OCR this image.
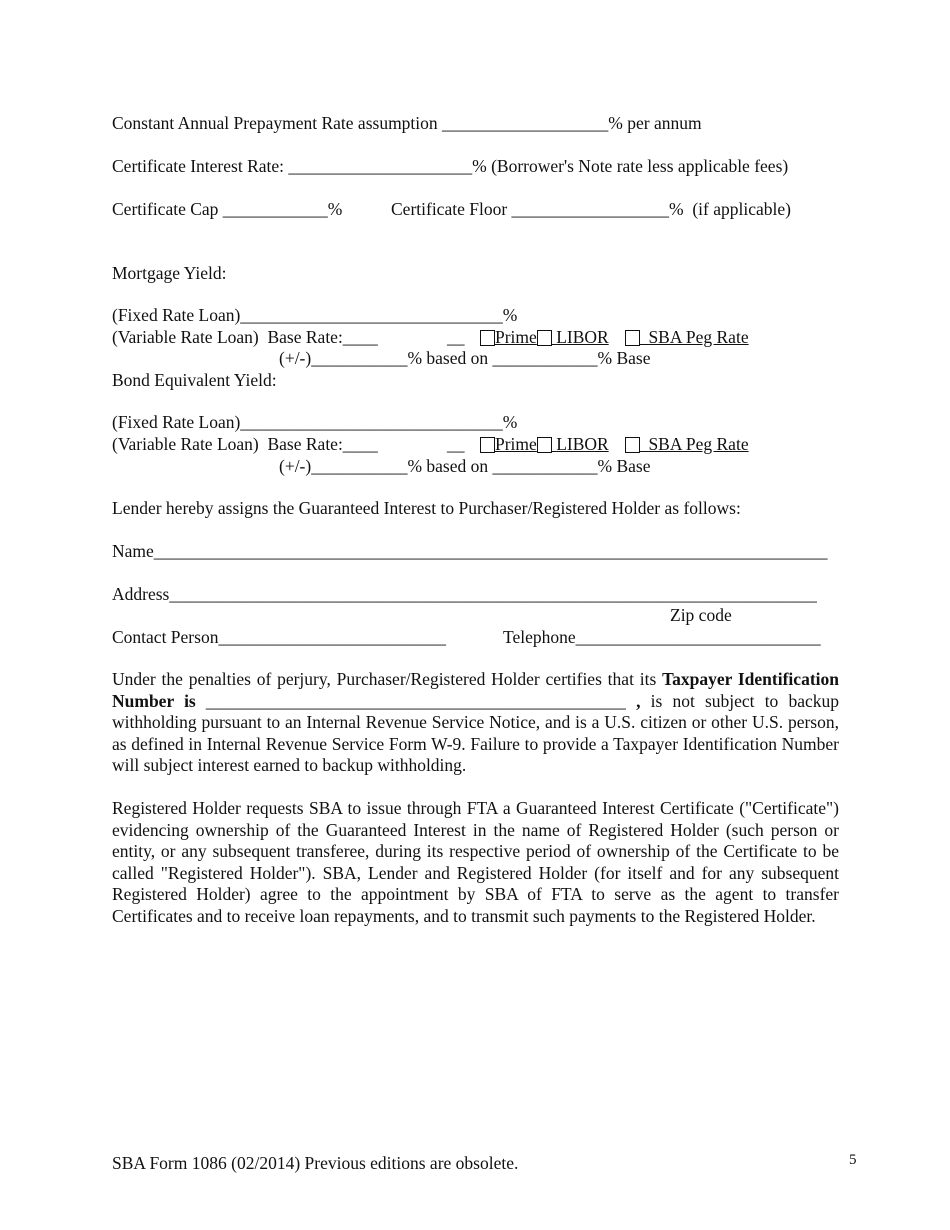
Constant Annual Prepayment Rate assumption ___________________% per annum
Certificate Interest Rate: _____________________% (Borrower's Note rate less applicable fees)
Certificate Cap ____________%	Certificate Floor __________________%  (if applicable)
Mortgage Yield:
(Fixed Rate Loan)______________________________%
(Variable Rate Loan)  Base Rate:____	__	Prime LIBOR SBA Peg Rate
(+/-)___________% based on ____________% Base
Bond Equivalent Yield:
(Fixed Rate Loan)______________________________%
(Variable Rate Loan)  Base Rate:____	__	Prime LIBOR SBA Peg Rate
(+/-)___________% based on ____________% Base
Lender hereby assigns the Guaranteed Interest to Purchaser/Registered Holder as follows:
Name_____________________________________________________________________________
Address__________________________________________________________________________
Zip code
Contact Person__________________________	Telephone____________________________
Under the penalties of perjury, Purchaser/Registered Holder certifies that its Taxpayer Identification Number is ________________________________________________ , is not subject to backup withholding pursuant to an Internal Revenue Service Notice, and is a U.S. citizen or other U.S. person, as defined in Internal Revenue Service Form W-9. Failure to provide a Taxpayer Identification Number will subject interest earned to backup withholding.
Registered Holder requests SBA to issue through FTA a Guaranteed Interest Certificate ("Certificate") evidencing ownership of the Guaranteed Interest in the name of Registered Holder (such person or entity, or any subsequent transferee, during its respective period of ownership of the Certificate to be called "Registered Holder"). SBA, Lender and Registered Holder (for itself and for any subsequent Registered Holder) agree to the appointment by SBA of FTA to serve as the agent to transfer Certificates and to receive loan repayments, and to transmit such payments to the Registered Holder.
SBA Form 1086 (02/2014) Previous editions are obsolete.	5
